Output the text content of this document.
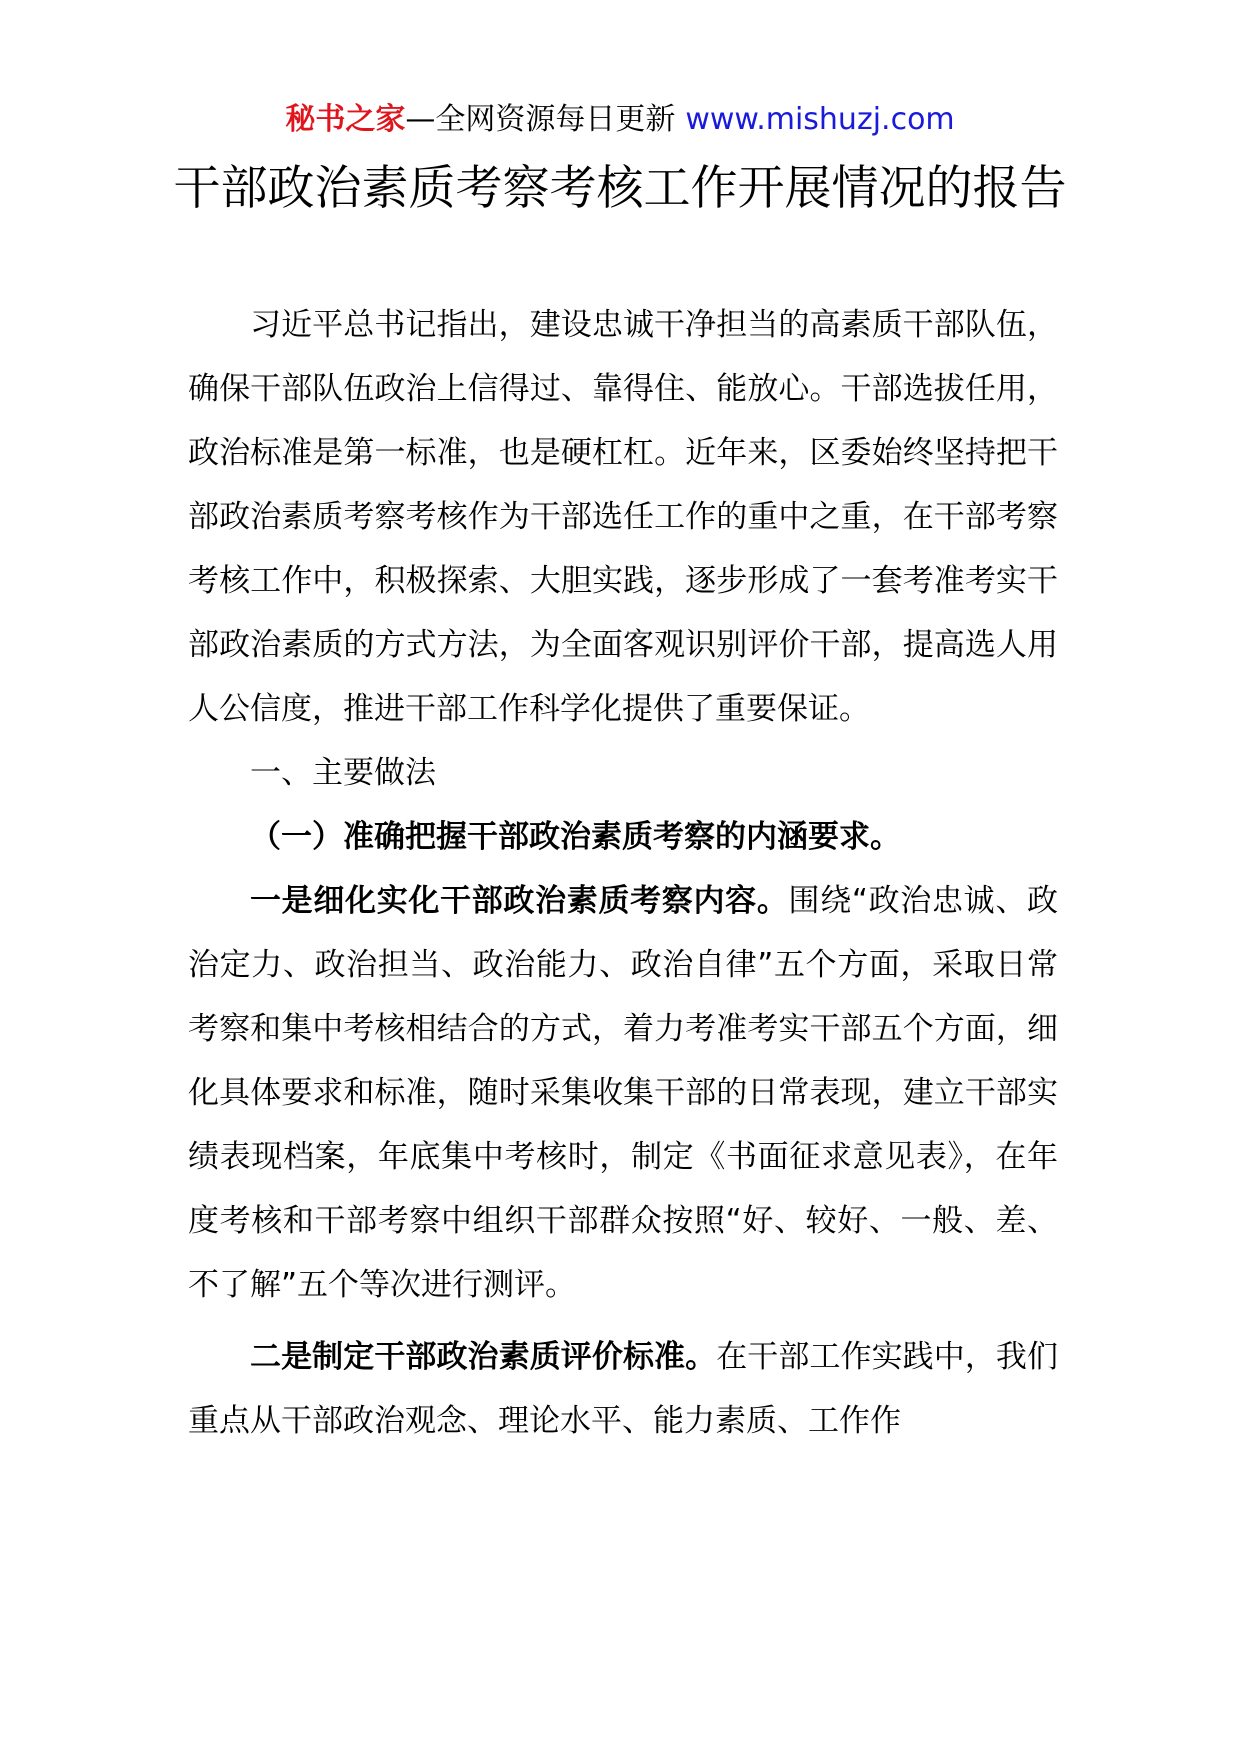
秘书之家—全网资源每日更新 www.mishuzj.com
干部政治素质考察考核工作开展情况的报告

习近平总书记指出，建设忠诚干净担当的高素质干部队伍，确保干部队伍政治上信得过、靠得住、能放心。干部选拔任用，政治标准是第一标准，也是硬杠杠。近年来，区委始终坚持把干部政治素质考察考核作为干部选任工作的重中之重，在干部考察考核工作中，积极探索、大胆实践，逐步形成了一套考准考实干部政治素质的方式方法，为全面客观识别评价干部，提高选人用人公信度，推进干部工作科学化提供了重要保证。

一、主要做法

（一）准确把握干部政治素质考察的内涵要求。

一是细化实化干部政治素质考察内容。围绕“政治忠诚、政治定力、政治担当、政治能力、政治自律”五个方面，采取日常考察和集中考核相结合的方式，着力考准考实干部五个方面，细化具体要求和标准，随时采集收集干部的日常表现，建立干部实绩表现档案，年底集中考核时，制定《书面征求意见表》，在年度考核和干部考察中组织干部群众按照“好、较好、一般、差、不了解”五个等次进行测评。

二是制定干部政治素质评价标准。在干部工作实践中，我们重点从干部政治观念、理论水平、能力素质、工作作
